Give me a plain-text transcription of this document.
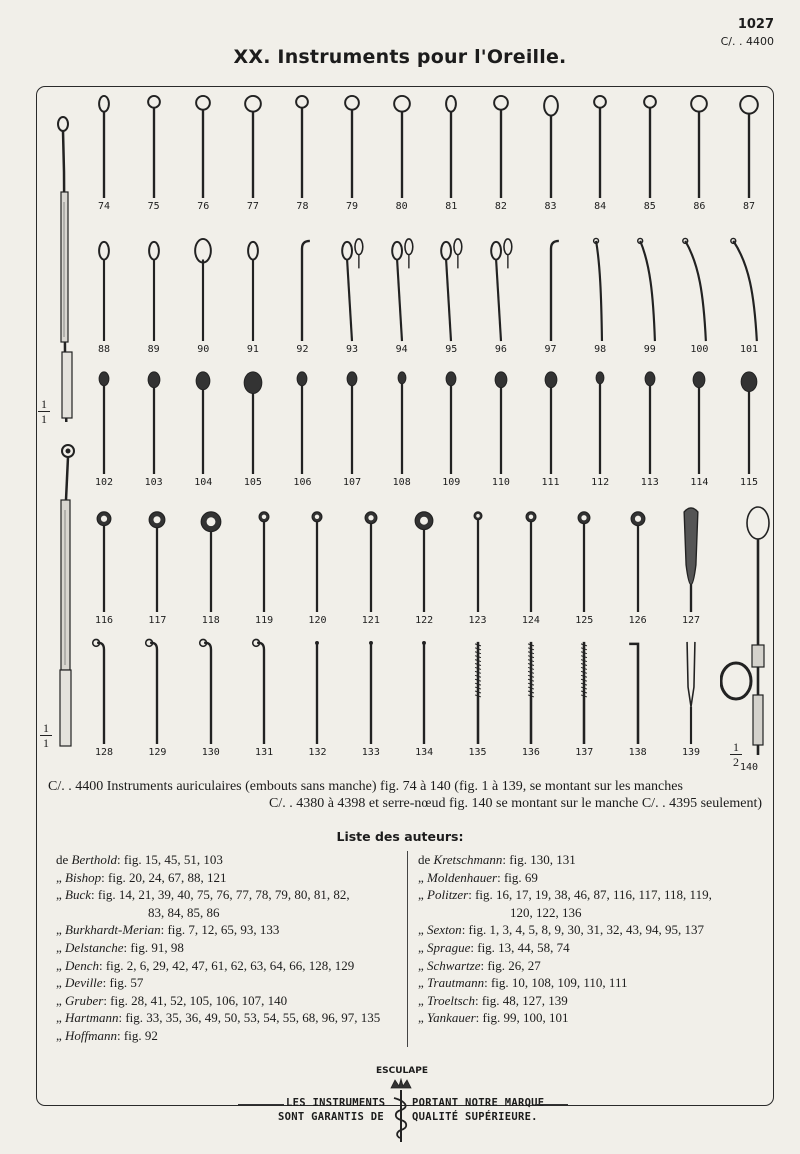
1027
C/. . 4400
XX. Instruments pour l'Oreille.
1
1
1
1
74	75	76	77	78	79	80	81	82	83	84	85	86	87
88	89	90	91	92	93	94	95	96	97	98	99	100	101
102	103	104	105	106	107	108	109	110	111	112	113	114	115
116	117	118	119	120	121	122	123	124	125	126	127
128	129	130	131	132	133	134	135	136	137	138	139	1
2 140
C/. . 4400 Instruments auriculaires (embouts sans manche) fig. 74 à 140 (fig. 1 à 139, se montant sur les manches
C/. . 4380 à 4398 et serre-nœud fig. 140 se montant sur le manche C/. . 4395 seulement)
Liste des auteurs:
de Berthold: fig. 15, 45, 51, 103
„ Bishop: fig. 20, 24, 67, 88, 121
„ Buck: fig. 14, 21, 39, 40, 75, 76, 77, 78, 79, 80, 81, 82,
83, 84, 85, 86
„ Burkhardt-Merian: fig. 7, 12, 65, 93, 133
„ Delstanche: fig. 91, 98
„ Dench: fig. 2, 6, 29, 42, 47, 61, 62, 63, 64, 66, 128, 129
„ Deville: fig. 57
„ Gruber: fig. 28, 41, 52, 105, 106, 107, 140
„ Hartmann: fig. 33, 35, 36, 49, 50, 53, 54, 55, 68, 96, 97, 135
„ Hoffmann: fig. 92
de Kretschmann: fig. 130, 131
„ Moldenhauer: fig. 69
„ Politzer: fig. 16, 17, 19, 38, 46, 87, 116, 117, 118, 119,
120, 122, 136
„ Sexton: fig. 1, 3, 4, 5, 8, 9, 30, 31, 32, 43, 94, 95, 137
„ Sprague: fig. 13, 44, 58, 74
„ Schwartze: fig. 26, 27
„ Trautmann: fig. 10, 108, 109, 110, 111
„ Troeltsch: fig. 48, 127, 139
„ Yankauer: fig. 99, 100, 101
ESCULAPE
LES INSTRUMENTS	PORTANT NOTRE MARQUE
SONT GARANTIS DE	QUALITÉ SUPÉRIEURE.
